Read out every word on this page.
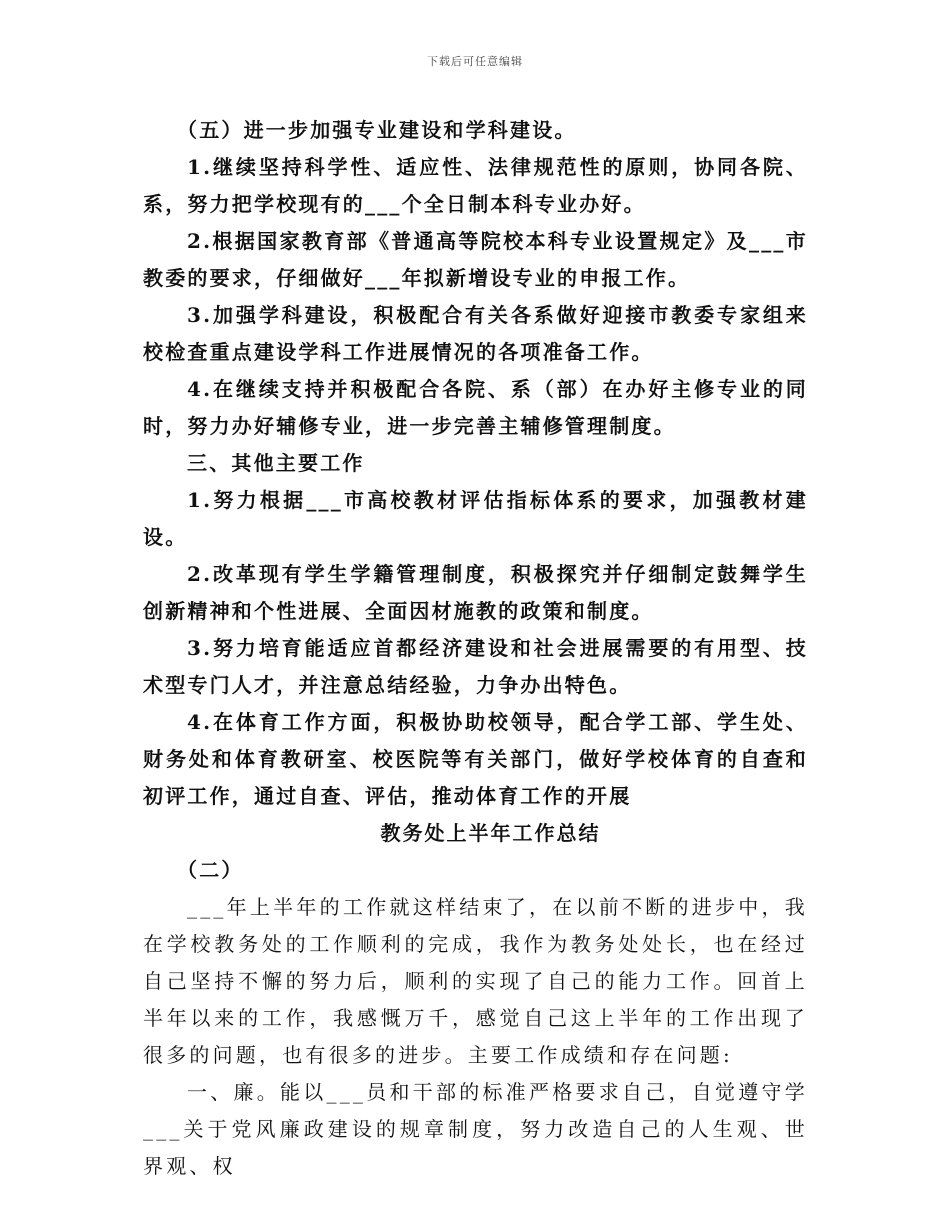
下载后可任意编辑

（五）进一步加强专业建设和学科建设。

1.继续坚持科学性、适应性、法律规范性的原则，协同各院、系，努力把学校现有的___个全日制本科专业办好。

2.根据国家教育部《普通高等院校本科专业设置规定》及___市教委的要求，仔细做好___年拟新增设专业的申报工作。

3.加强学科建设，积极配合有关各系做好迎接市教委专家组来校检查重点建设学科工作进展情况的各项准备工作。

4.在继续支持并积极配合各院、系（部）在办好主修专业的同时，努力办好辅修专业，进一步完善主辅修管理制度。

三、其他主要工作

1.努力根据___市高校教材评估指标体系的要求，加强教材建设。

2.改革现有学生学籍管理制度，积极探究并仔细制定鼓舞学生创新精神和个性进展、全面因材施教的政策和制度。

3.努力培育能适应首都经济建设和社会进展需要的有用型、技术型专门人才，并注意总结经验，力争办出特色。

4.在体育工作方面，积极协助校领导，配合学工部、学生处、财务处和体育教研室、校医院等有关部门，做好学校体育的自查和初评工作，通过自查、评估，推动体育工作的开展

教务处上半年工作总结

（二）

___年上半年的工作就这样结束了，在以前不断的进步中，我在学校教务处的工作顺利的完成，我作为教务处处长，也在经过自己坚持不懈的努力后，顺利的实现了自己的能力工作。回首上半年以来的工作，我感慨万千，感觉自己这上半年的工作出现了很多的问题，也有很多的进步。主要工作成绩和存在问题:

一、廉。能以___员和干部的标准严格要求自己，自觉遵守学___关于党风廉政建设的规章制度，努力改造自己的人生观、世界观、权
